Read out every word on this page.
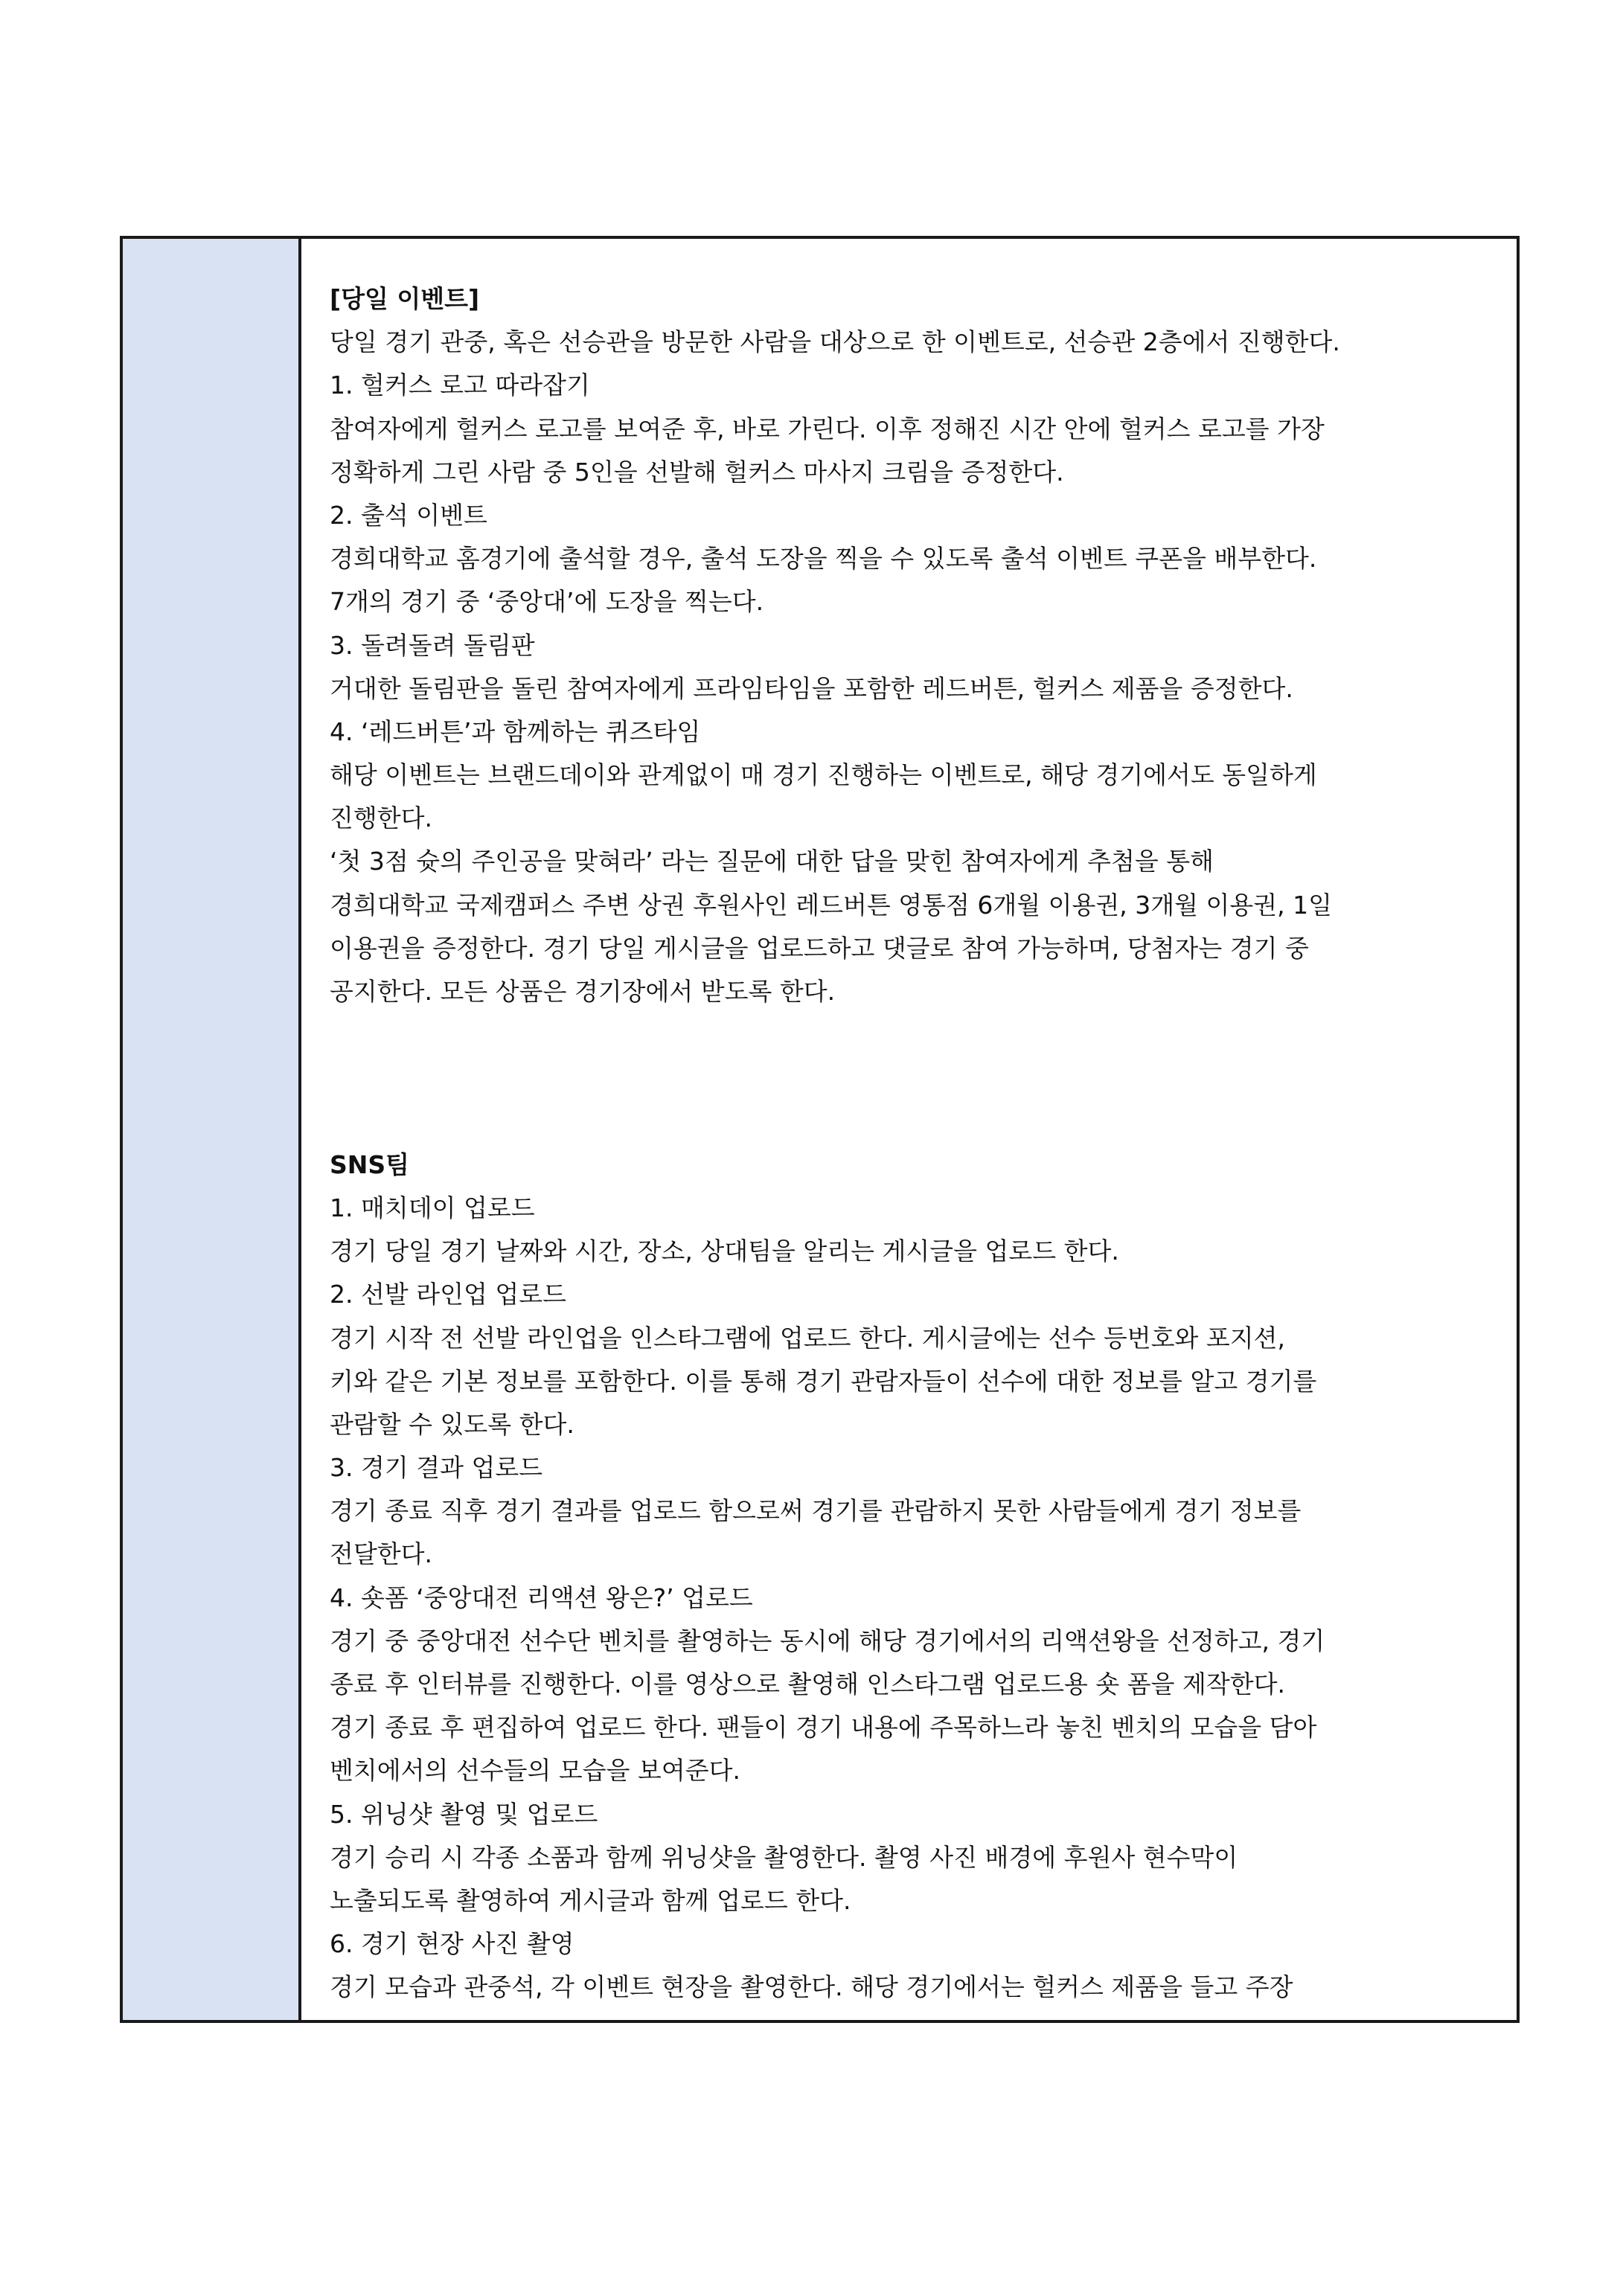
[당일 이벤트]

당일 경기 관중, 혹은 선승관을 방문한 사람을 대상으로 한 이벤트로, 선승관 2층에서 진행한다.

1. 헐커스 로고 따라잡기

참여자에게 헐커스 로고를 보여준 후, 바로 가린다. 이후 정해진 시간 안에 헐커스 로고를 가장

정확하게 그린 사람 중 5인을 선발해 헐커스 마사지 크림을 증정한다.

2. 출석 이벤트

경희대학교 홈경기에 출석할 경우, 출석 도장을 찍을 수 있도록 출석 이벤트 쿠폰을 배부한다.

7개의 경기 중 ‘중앙대’에 도장을 찍는다.

3. 돌려돌려 돌림판

거대한 돌림판을 돌린 참여자에게 프라임타임을 포함한 레드버튼, 헐커스 제품을 증정한다.

4. ‘레드버튼’과 함께하는 퀴즈타임

해당 이벤트는 브랜드데이와 관계없이 매 경기 진행하는 이벤트로, 해당 경기에서도 동일하게

진행한다.

‘첫 3점 슛의 주인공을 맞혀라’ 라는 질문에 대한 답을 맞힌 참여자에게 추첨을 통해

경희대학교 국제캠퍼스 주변 상권 후원사인 레드버튼 영통점 6개월 이용권, 3개월 이용권, 1일

이용권을 증정한다. 경기 당일 게시글을 업로드하고 댓글로 참여 가능하며, 당첨자는 경기 중

공지한다. 모든 상품은 경기장에서 받도록 한다.

SNS팀

1. 매치데이 업로드

경기 당일 경기 날짜와 시간, 장소, 상대팀을 알리는 게시글을 업로드 한다.

2. 선발 라인업 업로드

경기 시작 전 선발 라인업을 인스타그램에 업로드 한다. 게시글에는 선수 등번호와 포지션,

키와 같은 기본 정보를 포함한다. 이를 통해 경기 관람자들이 선수에 대한 정보를 알고 경기를

관람할 수 있도록 한다.

3. 경기 결과 업로드

경기 종료 직후 경기 결과를 업로드 함으로써 경기를 관람하지 못한 사람들에게 경기 정보를

전달한다.

4. 숏폼 ‘중앙대전 리액션 왕은?’ 업로드

경기 중 중앙대전 선수단 벤치를 촬영하는 동시에 해당 경기에서의 리액션왕을 선정하고, 경기

종료 후 인터뷰를 진행한다. 이를 영상으로 촬영해 인스타그램 업로드용 숏 폼을 제작한다.

경기 종료 후 편집하여 업로드 한다. 팬들이 경기 내용에 주목하느라 놓친 벤치의 모습을 담아

벤치에서의 선수들의 모습을 보여준다.

5. 위닝샷 촬영 및 업로드

경기 승리 시 각종 소품과 함께 위닝샷을 촬영한다. 촬영 사진 배경에 후원사 현수막이

노출되도록 촬영하여 게시글과 함께 업로드 한다.

6. 경기 현장 사진 촬영

경기 모습과 관중석, 각 이벤트 현장을 촬영한다. 해당 경기에서는 헐커스 제품을 들고 주장
